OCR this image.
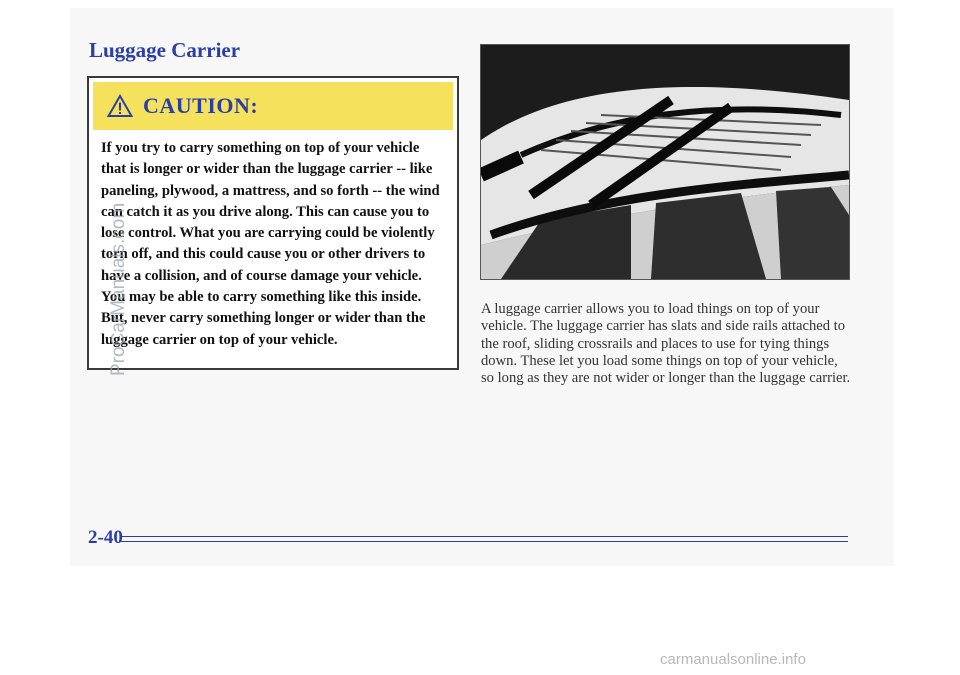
Luggage Carrier
CAUTION:

If you try to carry something on top of your vehicle that is longer or wider than the luggage carrier -- like paneling, plywood, a mattress, and so forth -- the wind can catch it as you drive along. This can cause you to lose control. What you are carrying could be violently torn off, and this could cause you or other drivers to have a collision, and of course damage your vehicle. You may be able to carry something like this inside. But, never carry something longer or wider than the luggage carrier on top of your vehicle.

A luggage carrier allows you to load things on top of your vehicle. The luggage carrier has slats and side rails attached to the roof, sliding crossrails and places to use for tying things down. These let you load some things on top of your vehicle, so long as they are not wider or longer than the luggage carrier.

2-40
ProCarManuals.com
carmanualsonline.info
